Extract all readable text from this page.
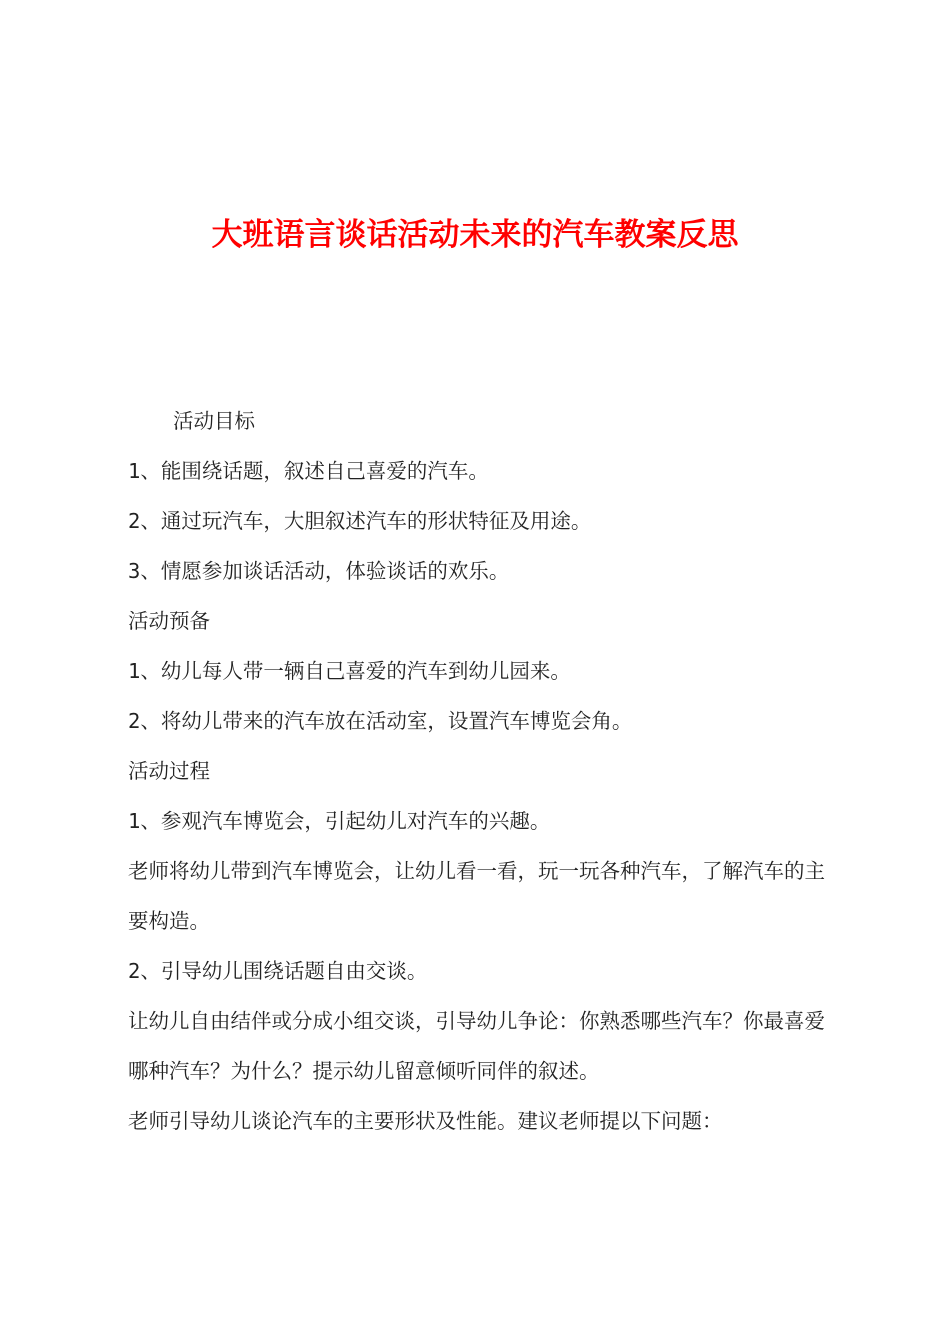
大班语言谈话活动未来的汽车教案反思

活动目标

1、能围绕话题，叙述自己喜爱的汽车。

2、通过玩汽车，大胆叙述汽车的形状特征及用途。

3、情愿参加谈话活动，体验谈话的欢乐。

活动预备

1、幼儿每人带一辆自己喜爱的汽车到幼儿园来。

2、将幼儿带来的汽车放在活动室，设置汽车博览会角。

活动过程

1、参观汽车博览会，引起幼儿对汽车的兴趣。

老师将幼儿带到汽车博览会，让幼儿看一看，玩一玩各种汽车，了解汽车的主要构造。

2、引导幼儿围绕话题自由交谈。

让幼儿自由结伴或分成小组交谈，引导幼儿争论：你熟悉哪些汽车？你最喜爱哪种汽车？为什么？提示幼儿留意倾听同伴的叙述。

老师引导幼儿谈论汽车的主要形状及性能。建议老师提以下问题：
